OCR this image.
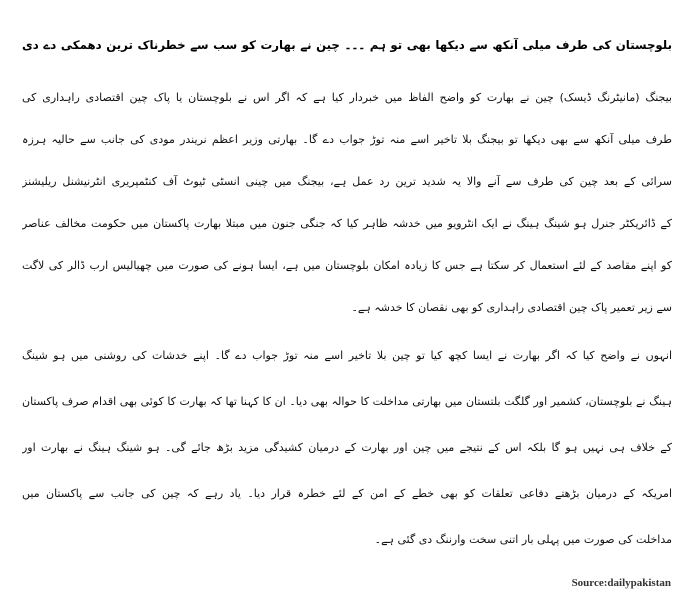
بلوچستان کی طرف میلی آنکھ سے دیکھا بھی تو ہم ۔۔۔ چین نے بھارت کو سب سے خطرناک ترین دھمکی دے دی
بیجنگ (مانیٹرنگ ڈیسک) چین نے بھارت کو واضح الفاظ میں خبردار کیا ہے کہ اگر اس نے بلوچستان یا پاک چین اقتصادی راہداری کی
طرف میلی آنکھ سے بھی دیکھا تو بیجنگ بلا تاخیر اسے منہ توڑ جواب دے گا۔ بھارتی وزیر اعظم نریندر مودی کی جانب سے حالیہ ہرزہ
سرائی کے بعد چین کی طرف سے آنے والا یہ شدید ترین رد عمل ہے، بیجنگ میں چینی انسٹی ٹیوٹ آف کنٹمپریری انٹرنیشنل ریلیشنز
کے ڈائریکٹر جنرل ہو شینگ ہینگ نے ایک انٹرویو میں خدشہ ظاہر کیا کہ جنگی جنون میں مبتلا بھارت پاکستان میں حکومت مخالف عناصر
کو اپنے مقاصد کے لئے استعمال کر سکتا ہے جس کا زیادہ امکان بلوچستان میں ہے، ایسا ہونے کی صورت میں چھیالیس ارب ڈالر کی لاگت
سے زیر تعمیر پاک چین اقتصادی راہداری کو بھی نقصان کا خدشہ ہے۔
انہوں نے واضح کیا کہ اگر بھارت نے ایسا کچھ کیا تو چین بلا تاخیر اسے منہ توڑ جواب دے گا۔ اپنے خدشات کی روشنی میں ہو شینگ
ہینگ نے بلوچستان، کشمیر اور گلگت بلتستان میں بھارتی مداخلت کا حوالہ بھی دیا۔ ان کا کہنا تھا کہ بھارت کا کوئی بھی اقدام صرف پاکستان
کے خلاف ہی نہیں ہو گا بلکہ اس کے نتیجے میں چین اور بھارت کے درمیان کشیدگی مزید بڑھ جائے گی۔ ہو شینگ ہینگ نے بھارت اور
امریکہ کے درمیان بڑھتے دفاعی تعلقات کو بھی خطے کے امن کے لئے خطرہ قرار دیا۔ یاد رہے کہ چین کی جانب سے پاکستان میں
مداخلت کی صورت میں پہلی بار اتنی سخت وارننگ دی گئی ہے۔
Source:dailypakistan
